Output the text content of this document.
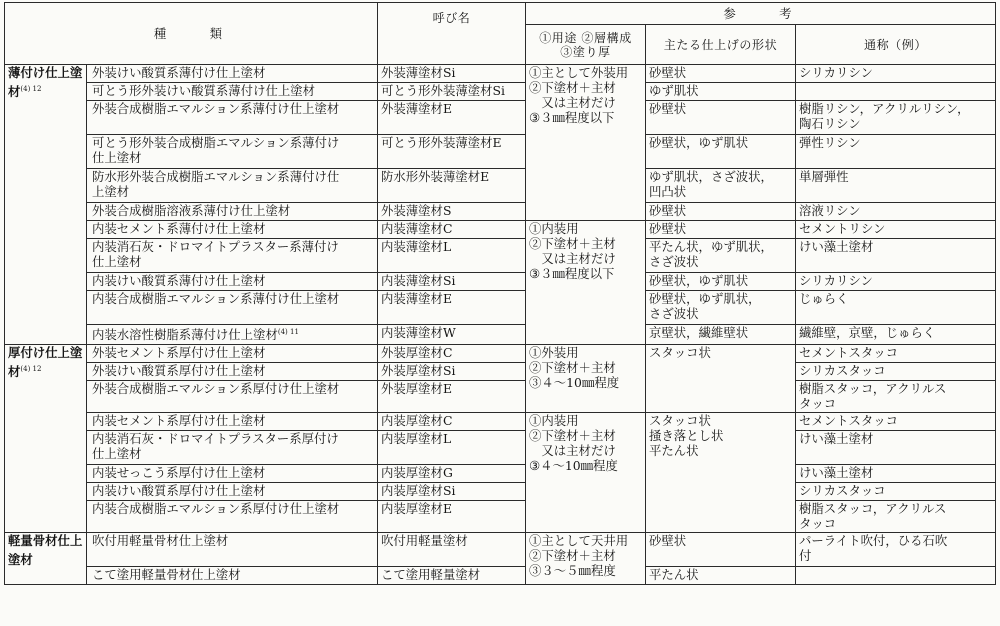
種　　類		呼び名	参　　考		
			①用途 ②層構成
③塗り厚	主たる仕上げの形状	通称（例）
薄付け仕上塗材$^{(4) 12}$	外装けい酸質系薄付け仕上塗材	外装薄塗材Si	①主として外装用
②下塗材＋主材
　又は主材だけ
③３㎜程度以下	砂壁状	シリカリシン
	可とう形外装けい酸質系薄付け仕上塗材	可とう形外装薄塗材Si		ゆず肌状	
	外装合成樹脂エマルション系薄付け仕上塗材	外装薄塗材E		砂壁状	樹脂リシン，アクリルリシン，
陶石リシン
	可とう形外装合成樹脂エマルション系薄付け
仕上塗材	可とう形外装薄塗材E		砂壁状，ゆず肌状	弾性リシン
	防水形外装合成樹脂エマルション系薄付け仕
上塗材	防水形外装薄塗材E		ゆず肌状，さざ波状，
凹凸状	単層弾性
	外装合成樹脂溶液系薄付け仕上塗材	外装薄塗材S		砂壁状	溶液リシン
	内装セメント系薄付け仕上塗材	内装薄塗材C	①内装用
②下塗材＋主材
　又は主材だけ
③３㎜程度以下	砂壁状	セメントリシン
	内装消石灰・ドロマイトプラスター系薄付け
仕上塗材	内装薄塗材L		平たん状，ゆず肌状，
さざ波状	けい藻土塗材
	内装けい酸質系薄付け仕上塗材	内装薄塗材Si		砂壁状，ゆず肌状	シリカリシン
	内装合成樹脂エマルション系薄付け仕上塗材	内装薄塗材E		砂壁状，ゆず肌状，
さざ波状	じゅらく
	内装水溶性樹脂系薄付け仕上塗材$^{(4) 11}$	内装薄塗材W		京壁状，繊維壁状	繊維壁，京壁，じゅらく
厚付け仕上塗材$^{(4) 12}$	外装セメント系厚付け仕上塗材	外装厚塗材C	①外装用
②下塗材＋主材
③４～10㎜程度	スタッコ状	セメントスタッコ
	外装けい酸質系厚付け仕上塗材	外装厚塗材Si			シリカスタッコ
	外装合成樹脂エマルション系厚付け仕上塗材	外装厚塗材E			樹脂スタッコ，アクリルス
タッコ
	内装セメント系厚付け仕上塗材	内装厚塗材C	①内装用
②下塗材＋主材
　又は主材だけ
③４～10㎜程度	スタッコ状
掻き落とし状
平たん状	セメントスタッコ
	内装消石灰・ドロマイトプラスター系厚付け
仕上塗材	内装厚塗材L			けい藻土塗材
	内装せっこう系厚付け仕上塗材	内装厚塗材G			けい藻土塗材
	内装けい酸質系厚付け仕上塗材	内装厚塗材Si			シリカスタッコ
	内装合成樹脂エマルション系厚付け仕上塗材	内装厚塗材E			樹脂スタッコ，アクリルス
タッコ
軽量骨材仕上塗材	吹付用軽量骨材仕上塗材	吹付用軽量塗材	①主として天井用
②下塗材＋主材
③３～５㎜程度	砂壁状	パーライト吹付，ひる石吹
付
	こて塗用軽量骨材仕上塗材	こて塗用軽量塗材		平たん状	
